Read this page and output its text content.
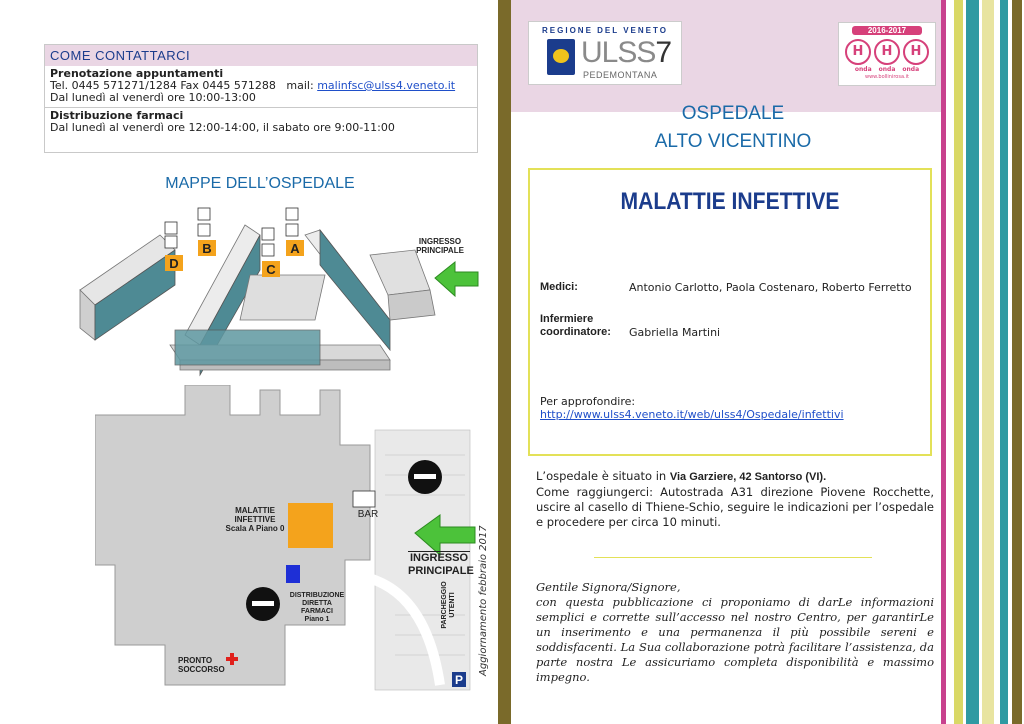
COME CONTATTARCI
Prenotazione appuntamenti
Tel. 0445 571271/1284 Fax 0445 571288 mail: malinfsc@ulss4.veneto.it
Dal lunedì al venerdì ore 10:00-13:00
Distribuzione farmaci
Dal lunedì al venerdì ore 12:00-14:00, il sabato ore 9:00-11:00
MAPPE DELL’OSPEDALE
D
B
C
A	INGRESSO
PRINCIPALE
P
MALATTIE
INFETTIVE
Scala A Piano 0
BAR
INGRESSO
PRINCIPALE
DISTRIBUZIONE
DIRETTA
FARMACI
Piano 1
PRONTO
SOCCORSO
PARCHEGGIO
UTENTI Aggiornamento febbraio 2017
REGIONE DEL VENETO
ULSS7
PEDEMONTANA
2016-2017
H	H	H
onda onda onda
www.bollinirosa.it
OSPEDALE
ALTO VICENTINO
MALATTIE INFETTIVE
Medici:	Antonio Carlotto, Paola Costenaro, Roberto Ferretto
Infermiere
coordinatore: Gabriella Martini
Per approfondire:
http://www.ulss4.veneto.it/web/ulss4/Ospedale/infettivi
L’ospedale è situato in Via Garziere, 42 Santorso (VI).
Come raggiungerci: Autostrada A31 direzione Piovene Rocchette, uscire al casello di Thiene-Schio, seguire le indicazioni per l’ospedale e procedere per circa 10 minuti.
Gentile Signora/Signore,
con questa pubblicazione ci proponiamo di darLe informazioni semplici e corrette sull’accesso nel nostro Centro, per garantirLe un inserimento e una permanenza il più possibile sereni e soddisfacenti. La Sua collaborazione potrà facilitare l’assistenza, da parte nostra Le assicuriamo completa disponibilità e massimo impegno.
